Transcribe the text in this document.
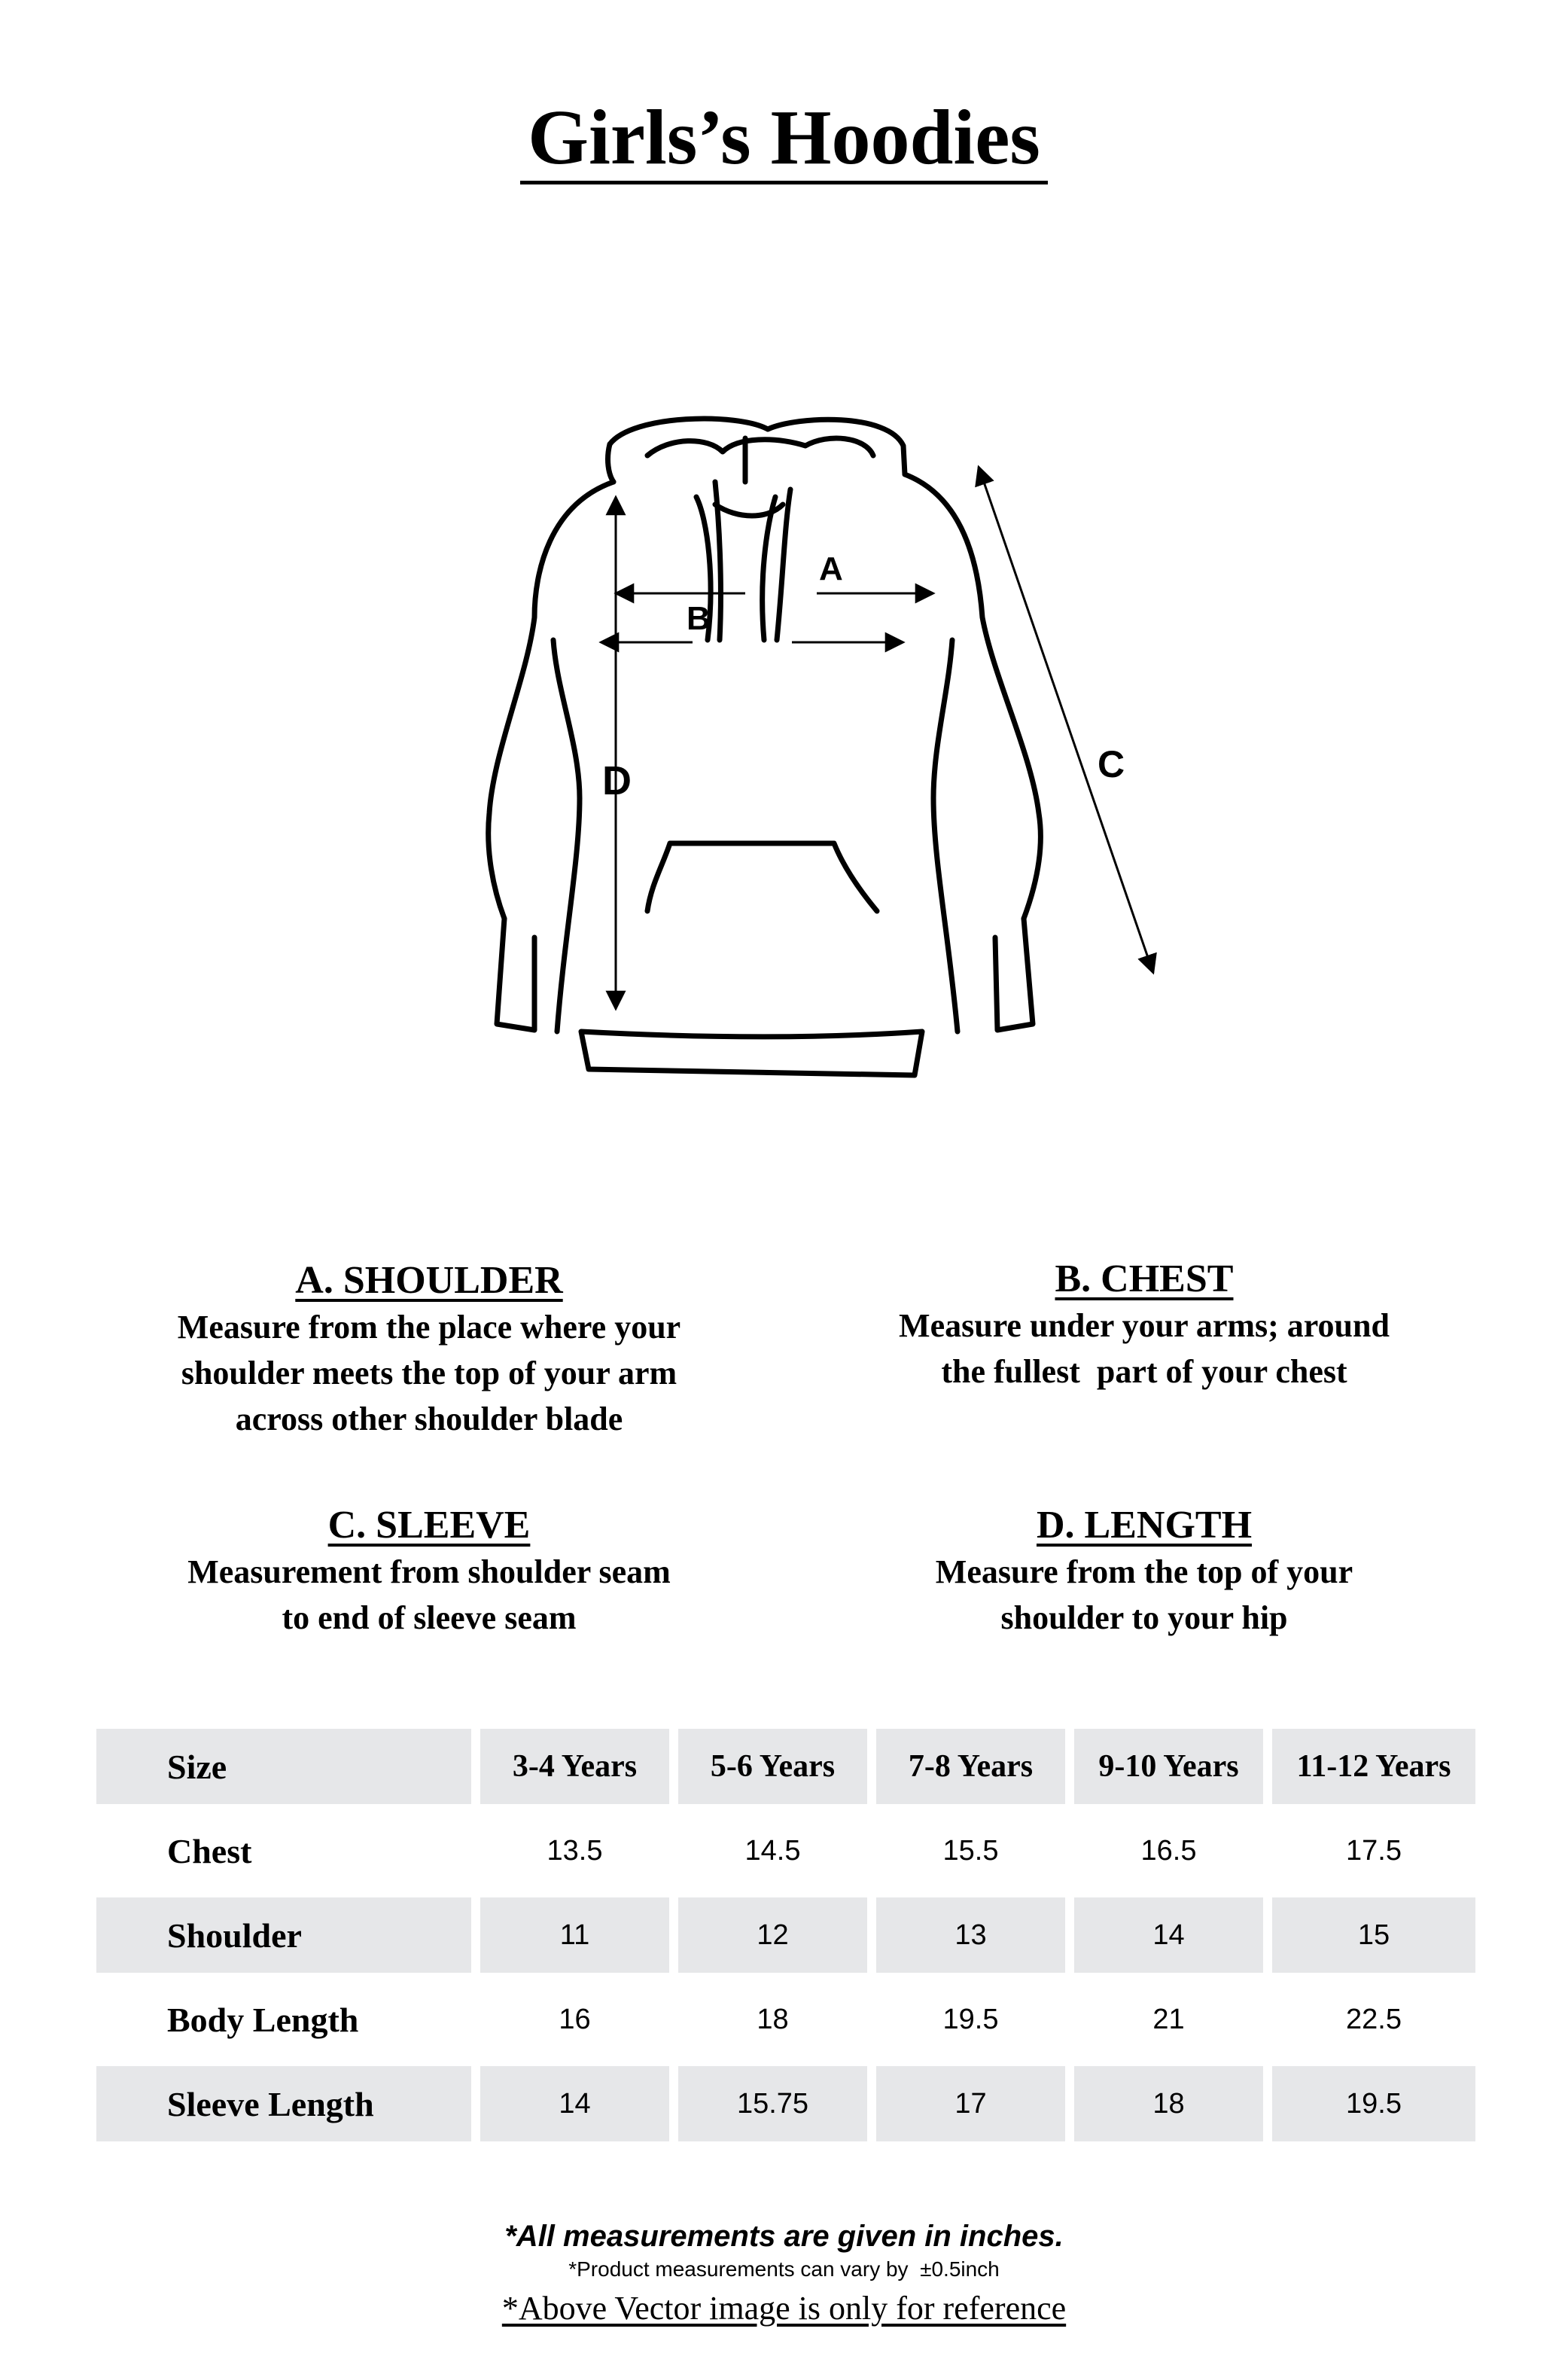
Girls’s Hoodies
A
B
C
D
A. SHOULDER
Measure from the place where your
shoulder meets the top of your arm
across other shoulder blade
B. CHEST
Measure under your arms; around
the fullest  part of your chest
C. SLEEVE
Measurement from shoulder seam
to end of sleeve seam
D. LENGTH
Measure from the top of your
shoulder to your hip
Size	3-4 Years	5-6 Years	7-8 Years	9-10 Years	11-12 Years
Chest	13.5	14.5	15.5	16.5	17.5
Shoulder	11	12	13	14	15
Body Length	16	18	19.5	21	22.5
Sleeve Length	14	15.75	17	18	19.5
*All measurements are given in inches.
*Product measurements can vary by  ±0.5inch
*Above Vector image is only for reference
